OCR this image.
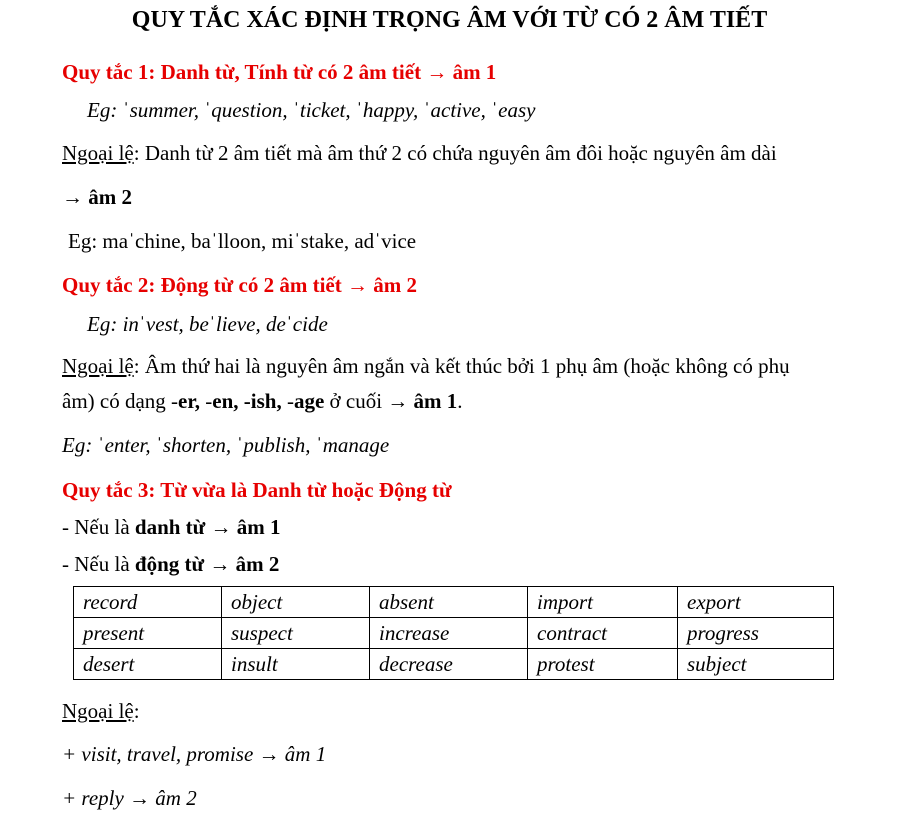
QUY TẮC XÁC ĐỊNH TRỌNG ÂM VỚI TỪ CÓ 2 ÂM TIẾT
Quy tắc 1: Danh từ, Tính từ có 2 âm tiết → âm 1
Eg: ˈsummer, ˈquestion, ˈticket, ˈhappy, ˈactive, ˈeasy
Ngoại lệ: Danh từ 2 âm tiết mà âm thứ 2 có chứa nguyên âm đôi hoặc nguyên âm dài
→ âm 2
Eg: maˈchine, baˈlloon, miˈstake, adˈvice
Quy tắc 2: Động từ có 2 âm tiết → âm 2
Eg: inˈvest, beˈlieve, deˈcide
Ngoại lệ: Âm thứ hai là nguyên âm ngắn và kết thúc bởi 1 phụ âm (hoặc không có phụ
âm) có dạng -er, -en, -ish, -age ở cuối → âm 1.
Eg: ˈenter, ˈshorten, ˈpublish, ˈmanage
Quy tắc 3: Từ vừa là Danh từ hoặc Động từ
- Nếu là danh từ → âm 1
- Nếu là động từ → âm 2
record	object	absent	import	export
present	suspect	increase	contract	progress
desert	insult	decrease	protest	subject
Ngoại lệ:
+ visit, travel, promise → âm 1
+ reply → âm 2
